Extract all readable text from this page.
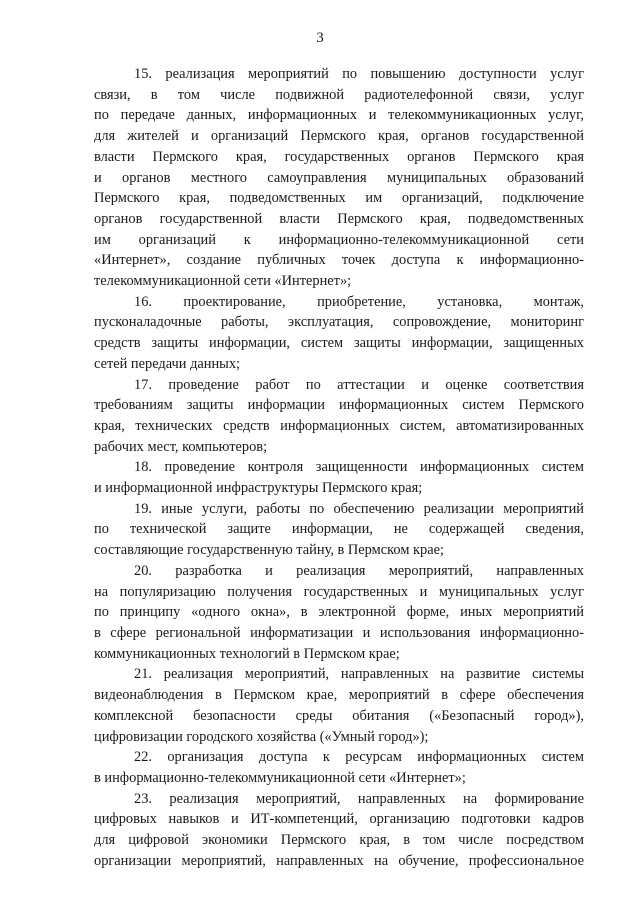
3
15. реализация мероприятий по повышению доступности услуг
связи, в том числе подвижной радиотелефонной связи, услуг
по передаче данных, информационных и телекоммуникационных услуг,
для жителей и организаций Пермского края, органов государственной
власти Пермского края, государственных органов Пермского края
и органов местного самоуправления муниципальных образований
Пермского края, подведомственных им организаций, подключение
органов государственной власти Пермского края, подведомственных
им организаций к информационно-телекоммуникационной сети
«Интернет», создание публичных точек доступа к информационно-
телекоммуникационной сети «Интернет»;
16. проектирование, приобретение, установка, монтаж,
пусконаладочные работы, эксплуатация, сопровождение, мониторинг
средств защиты информации, систем защиты информации, защищенных
сетей передачи данных;
17. проведение работ по аттестации и оценке соответствия
требованиям защиты информации информационных систем Пермского
края, технических средств информационных систем, автоматизированных
рабочих мест, компьютеров;
18. проведение контроля защищенности информационных систем
и информационной инфраструктуры Пермского края;
19. иные услуги, работы по обеспечению реализации мероприятий
по технической защите информации, не содержащей сведения,
составляющие государственную тайну, в Пермском крае;
20. разработка и реализация мероприятий, направленных
на популяризацию получения государственных и муниципальных услуг
по принципу «одного окна», в электронной форме, иных мероприятий
в сфере региональной информатизации и использования информационно-
коммуникационных технологий в Пермском крае;
21. реализация мероприятий, направленных на развитие системы
видеонаблюдения в Пермском крае, мероприятий в сфере обеспечения
комплексной безопасности среды обитания («Безопасный город»),
цифровизации городского хозяйства («Умный город»);
22. организация доступа к ресурсам информационных систем
в информационно-телекоммуникационной сети «Интернет»;
23. реализация мероприятий, направленных на формирование
цифровых навыков и ИТ-компетенций, организацию подготовки кадров
для цифровой экономики Пермского края, в том числе посредством
организации мероприятий, направленных на обучение, профессиональное
